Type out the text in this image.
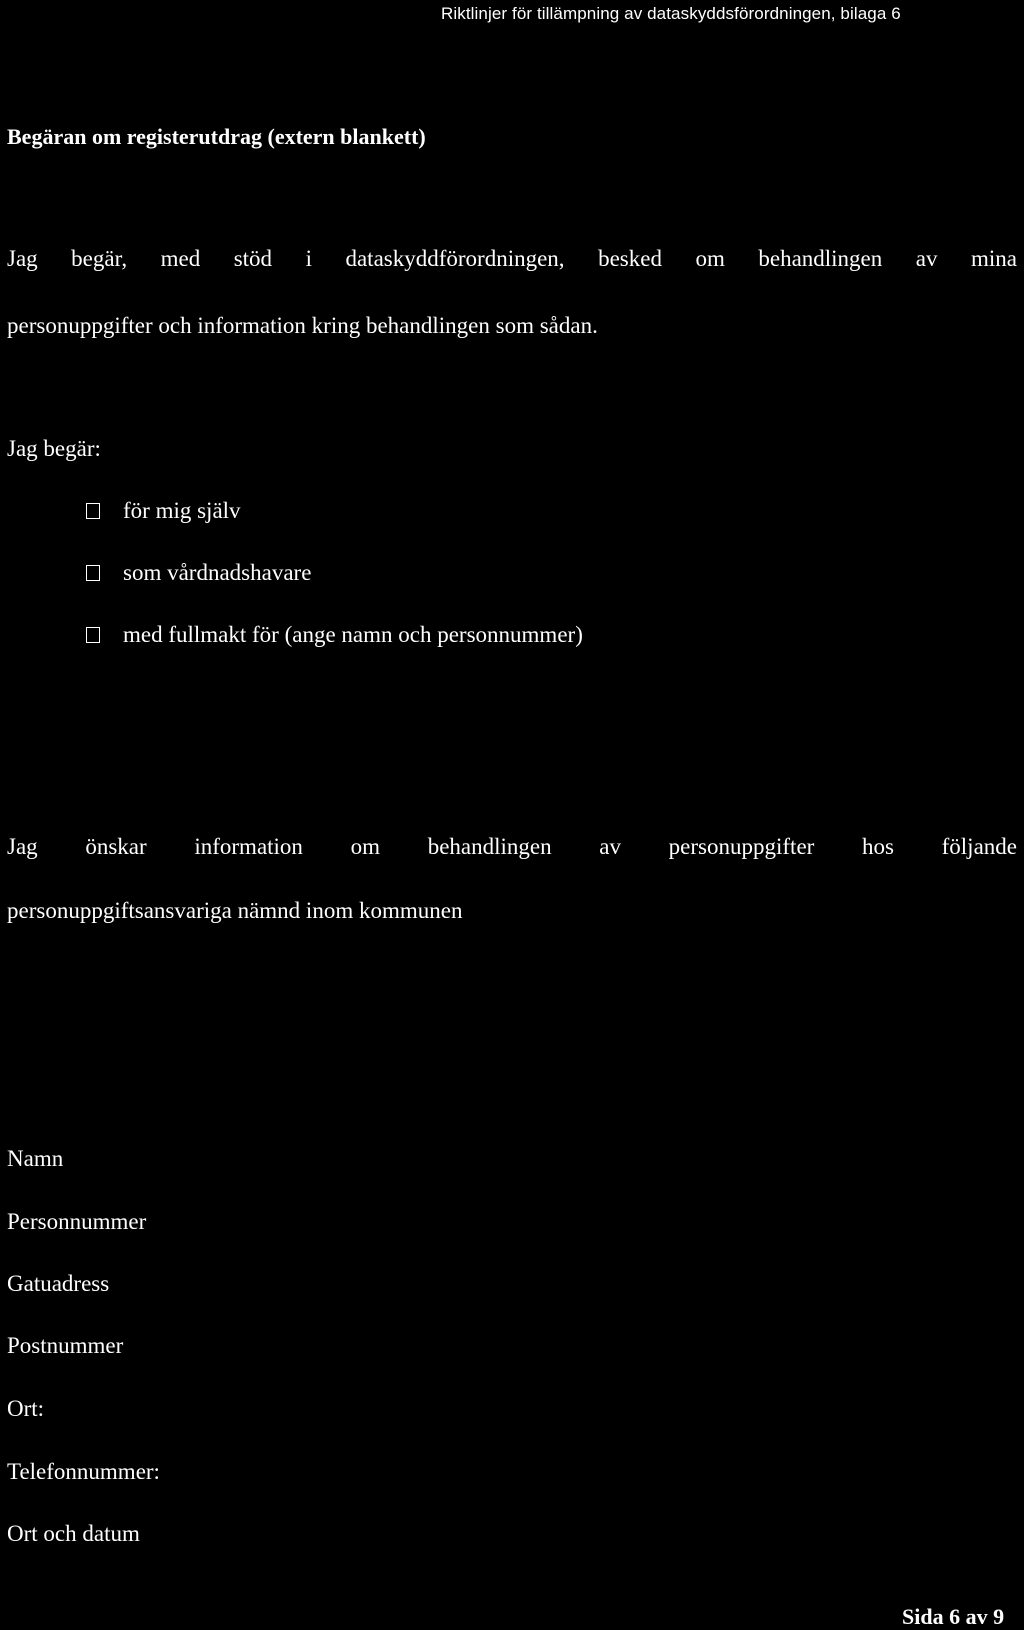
Riktlinjer för tillämpning av dataskyddsförordningen, bilaga 6
Begäran om registerutdrag (extern blankett)
Jag begär, med stöd i dataskyddförordningen, besked om behandlingen av mina
personuppgifter och information kring behandlingen som sådan.
Jag begär:
för mig själv
som vårdnadshavare
med fullmakt för (ange namn och personnummer)
Jag önskar information om behandlingen av personuppgifter hos följande
personuppgiftsansvariga nämnd inom kommunen
Namn
Personnummer
Gatuadress
Postnummer
Ort:
Telefonnummer:
Ort och datum
Sida 6 av 9
